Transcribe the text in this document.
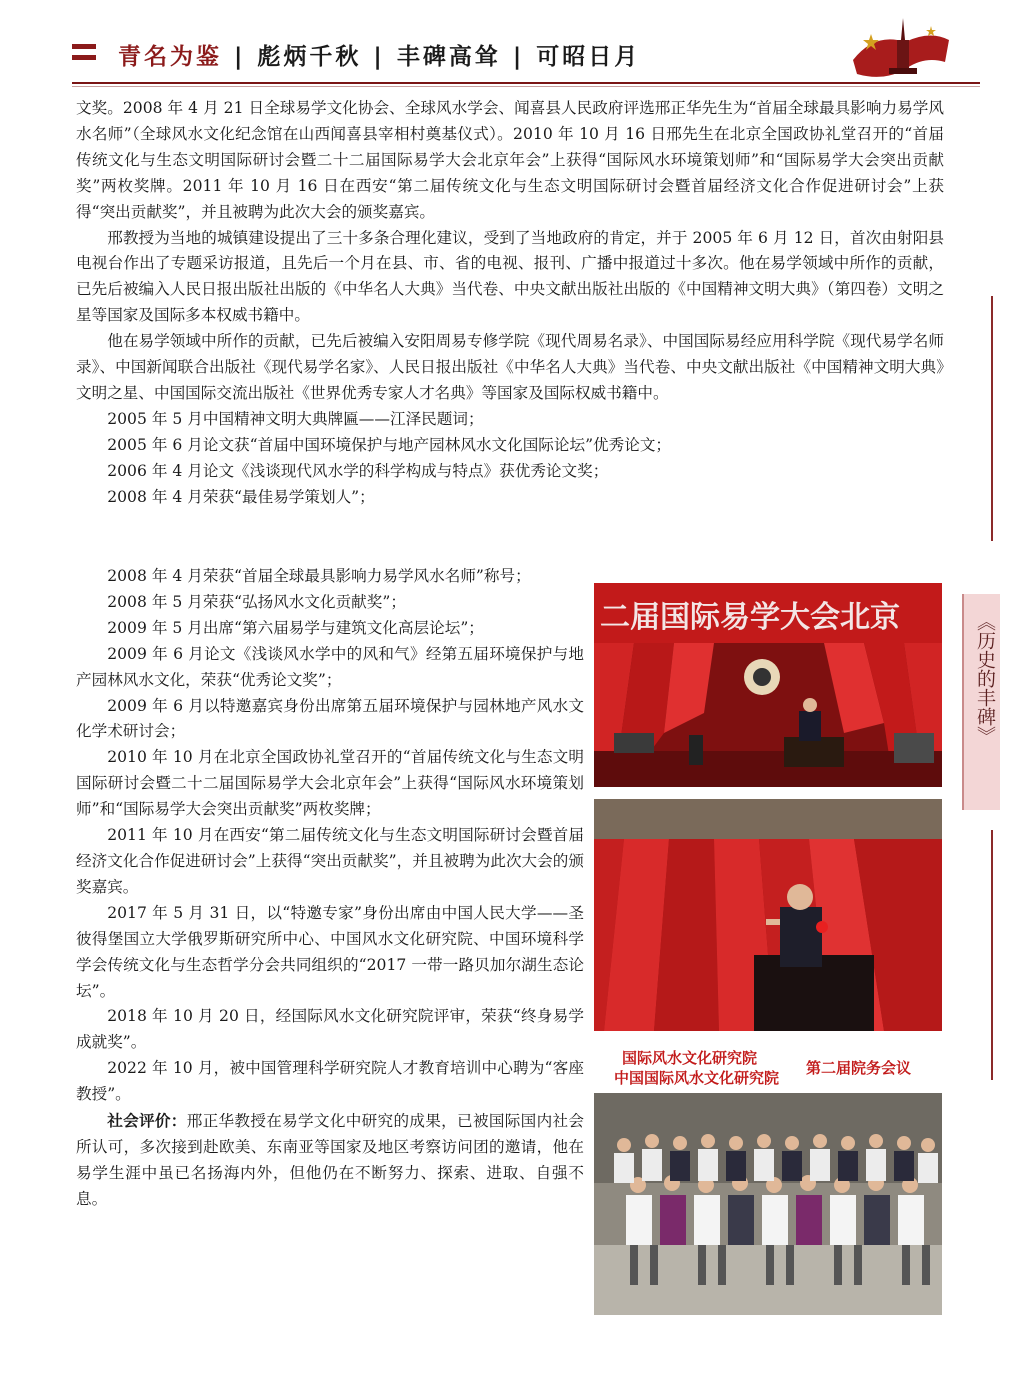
青名为鉴 | 彪炳千秋 | 丰碑高耸 | 可昭日月

文奖。2008 年 4 月 21 日全球易学文化协会、全球风水学会、闻喜县人民政府评选邢正华先生为“首届全球最具影响力易学风水名师”（全球风水文化纪念馆在山西闻喜县宰相村奠基仪式）。2010 年 10 月 16 日邢先生在北京全国政协礼堂召开的“首届传统文化与生态文明国际研讨会暨二十二届国际易学大会北京年会”上获得“国际风水环境策划师”和“国际易学大会突出贡献奖”两枚奖牌。2011 年 10 月 16 日在西安“第二届传统文化与生态文明国际研讨会暨首届经济文化合作促进研讨会”上获得“突出贡献奖”，并且被聘为此次大会的颁奖嘉宾。

邢教授为当地的城镇建设提出了三十多条合理化建议，受到了当地政府的肯定，并于 2005 年 6 月 12 日，首次由射阳县电视台作出了专题采访报道，且先后一个月在县、市、省的电视、报刊、广播中报道过十多次。他在易学领域中所作的贡献，已先后被编入人民日报出版社出版的《中华名人大典》当代卷、中央文献出版社出版的《中国精神文明大典》（第四卷）文明之星等国家及国际多本权威书籍中。

他在易学领域中所作的贡献，已先后被编入安阳周易专修学院《现代周易名录》、中国国际易经应用科学院《现代易学名师录》、中国新闻联合出版社《现代易学名家》、人民日报出版社《中华名人大典》当代卷、中央文献出版社《中国精神文明大典》文明之星、中国国际交流出版社《世界优秀专家人才名典》等国家及国际权威书籍中。

2005 年 5 月中国精神文明大典牌匾——江泽民题词；

2005 年 6 月论文获“首届中国环境保护与地产园林风水文化国际论坛”优秀论文；

2006 年 4 月论文《浅谈现代风水学的科学构成与特点》获优秀论文奖；

2008 年 4 月荣获“最佳易学策划人”；

2008 年 4 月荣获“首届全球最具影响力易学风水名师”称号；

2008 年 5 月荣获“弘扬风水文化贡献奖”；

2009 年 5 月出席“第六届易学与建筑文化高层论坛”；

2009 年 6 月论文《浅谈风水学中的风和气》经第五届环境保护与地产园林风水文化，荣获“优秀论文奖”；

2009 年 6 月以特邀嘉宾身份出席第五届环境保护与园林地产风水文化学术研讨会；

2010 年 10 月在北京全国政协礼堂召开的“首届传统文化与生态文明国际研讨会暨二十二届国际易学大会北京年会”上获得“国际风水环境策划师”和“国际易学大会突出贡献奖”两枚奖牌；

2011 年 10 月在西安“第二届传统文化与生态文明国际研讨会暨首届经济文化合作促进研讨会”上获得“突出贡献奖”，并且被聘为此次大会的颁奖嘉宾。

2017 年 5 月 31 日，以“特邀专家”身份出席由中国人民大学——圣彼得堡国立大学俄罗斯研究所中心、中国风水文化研究院、中国环境科学学会传统文化与生态哲学分会共同组织的“2017 一带一路贝加尔湖生态论坛”。

2018 年 10 月 20 日，经国际风水文化研究院评审，荣获“终身易学成就奖”。

2022 年 10 月，被中国管理科学研究院人才教育培训中心聘为“客座教授”。

社会评价：邢正华教授在易学文化中研究的成果，已被国际国内社会所认可，多次接到赴欧美、东南亚等国家及地区考察访问团的邀请，他在易学生涯中虽已名扬海内外，但他仍在不断努力、探索、进取、自强不息。

二届国际易学大会北京
国际风水文化研究院
中国国际风水文化研究院
第二届院务会议
《历史的丰碑》
